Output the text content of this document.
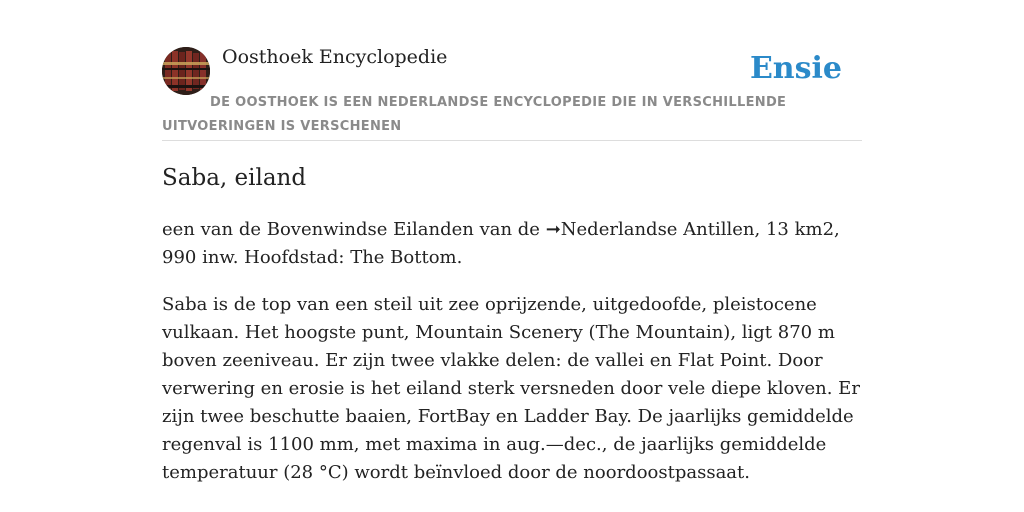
Oosthoek Encyclopedie	Ensie
DE OOSTHOEK IS EEN NEDERLANDSE ENCYCLOPEDIE DIE IN VERSCHILLENDE UITVOERINGEN IS VERSCHENEN
Saba, eiland

een van de Bovenwindse Eilanden van de ➞Nederlandse Antillen, 13 km2, 990 inw. Hoofdstad: The Bottom.

Saba is de top van een steil uit zee oprijzende, uitgedoofde, pleistocene vulkaan. Het hoogste punt, Mountain Scenery (The Mountain), ligt 870 m boven zeeniveau. Er zijn twee vlakke delen: de vallei en Flat Point. Door verwering en erosie is het eiland sterk versneden door vele diepe kloven. Er zijn twee beschutte baaien, FortBay en Ladder Bay. De jaarlijks gemiddelde regenval is 1100 mm, met maxima in aug.—dec., de jaarlijks gemiddelde temperatuur (28 °C) wordt beïnvloed door de noordoostpassaat.
